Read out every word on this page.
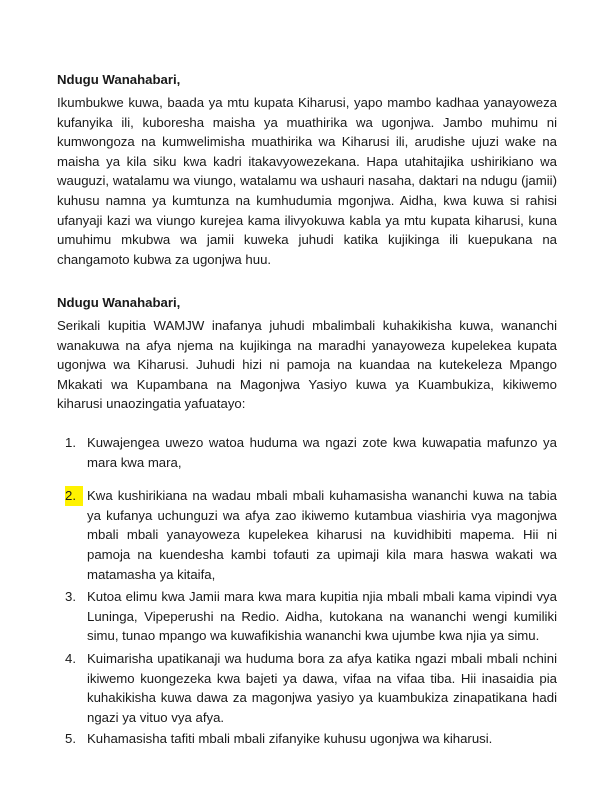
Ndugu Wanahabari,
Ikumbukwe kuwa, baada ya mtu kupata Kiharusi, yapo mambo kadhaa yanayoweza kufanyika ili, kuboresha maisha ya muathirika wa ugonjwa. Jambo muhimu ni kumwongoza na kumwelimisha muathirika wa Kiharusi ili, arudishe ujuzi wake na maisha ya kila siku kwa kadri itakavyowezekana. Hapa utahitajika ushirikiano wa wauguzi, watalamu wa viungo, watalamu wa ushauri nasaha, daktari na ndugu (jamii) kuhusu namna ya kumtunza na kumhudumia mgonjwa. Aidha, kwa kuwa si rahisi ufanyaji kazi wa viungo kurejea kama ilivyokuwa kabla ya mtu kupata kiharusi, kuna umuhimu mkubwa wa jamii kuweka juhudi katika kujikinga ili kuepukana na changamoto kubwa za ugonjwa huu.
Ndugu Wanahabari,
Serikali kupitia WAMJW inafanya juhudi mbalimbali kuhakikisha kuwa, wananchi wanakuwa na afya njema na kujikinga na maradhi yanayoweza kupelekea kupata ugonjwa wa Kiharusi. Juhudi hizi ni pamoja na kuandaa na kutekeleza Mpango Mkakati wa Kupambana na Magonjwa Yasiyo kuwa ya Kuambukiza, kikiwemo kiharusi unaozingatia yafuatayo:
1. Kuwajengea uwezo watoa huduma wa ngazi zote kwa kuwapatia mafunzo ya mara kwa mara,
2. Kwa kushirikiana na wadau mbali mbali kuhamasisha wananchi kuwa na tabia ya kufanya uchunguzi wa afya zao ikiwemo kutambua viashiria vya magonjwa mbali mbali yanayoweza kupelekea kiharusi na kuvidhibiti mapema. Hii ni pamoja na kuendesha kambi tofauti za upimaji kila mara haswa wakati wa matamasha ya kitaifa,
3. Kutoa elimu kwa Jamii mara kwa mara kupitia njia mbali mbali kama vipindi vya Luninga, Vipeperushi na Redio. Aidha, kutokana na wananchi wengi kumiliki simu, tunao mpango wa kuwafikishia wananchi kwa ujumbe kwa njia ya simu.
4. Kuimarisha upatikanaji wa huduma bora za afya katika ngazi mbali mbali nchini ikiwemo kuongezeka kwa bajeti ya dawa, vifaa na vifaa tiba. Hii inasaidia pia kuhakikisha kuwa dawa za magonjwa yasiyo ya kuambukiza zinapatikana hadi ngazi ya vituo vya afya.
5. Kuhamasisha tafiti mbali mbali zifanyike kuhusu ugonjwa wa kiharusi.
